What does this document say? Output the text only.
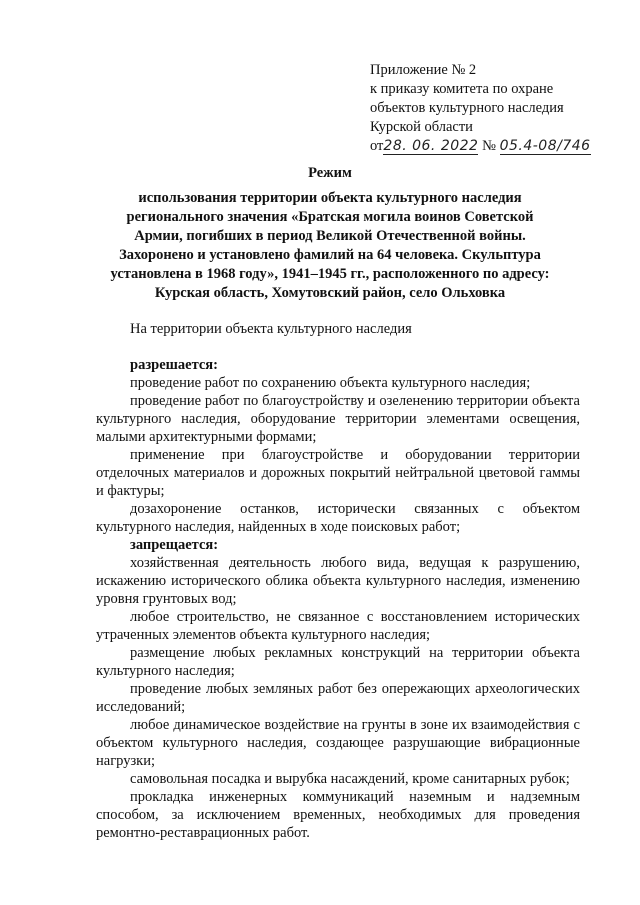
Приложение № 2
к приказу комитета по охране
объектов культурного наследия
Курской области
от28. 06. 2022 № 05.4-08/746
Режим
использования территории объекта культурного наследия
регионального значения «Братская могила воинов Советской
Армии, погибших в период Великой Отечественной войны.
Захоронено и установлено фамилий на 64 человека. Скульптура
установлена в 1968 году», 1941–1945 гг., расположенного по адресу:
Курская область, Хомутовский район, село Ольховка

На территории объекта культурного наследия

разрешается:

проведение работ по сохранению объекта культурного наследия;

проведение работ по благоустройству и озеленению территории объекта культурного наследия, оборудование территории элементами освещения, малыми архитектурными формами;

применение при благоустройстве и оборудовании территории отделочных материалов и дорожных покрытий нейтральной цветовой гаммы и фактуры;

дозахоронение останков, исторически связанных с объектом культурного наследия, найденных в ходе поисковых работ;

запрещается:

хозяйственная деятельность любого вида, ведущая к разрушению, искажению исторического облика объекта культурного наследия, изменению уровня грунтовых вод;

любое строительство, не связанное с восстановлением исторических утраченных элементов объекта культурного наследия;

размещение любых рекламных конструкций на территории объекта культурного наследия;

проведение любых земляных работ без опережающих археологических исследований;

любое динамическое воздействие на грунты в зоне их взаимодействия с объектом культурного наследия, создающее разрушающие вибрационные нагрузки;

самовольная посадка и вырубка насаждений, кроме санитарных рубок;

прокладка инженерных коммуникаций наземным и надземным способом, за исключением временных, необходимых для проведения ремонтно-реставрационных работ.
